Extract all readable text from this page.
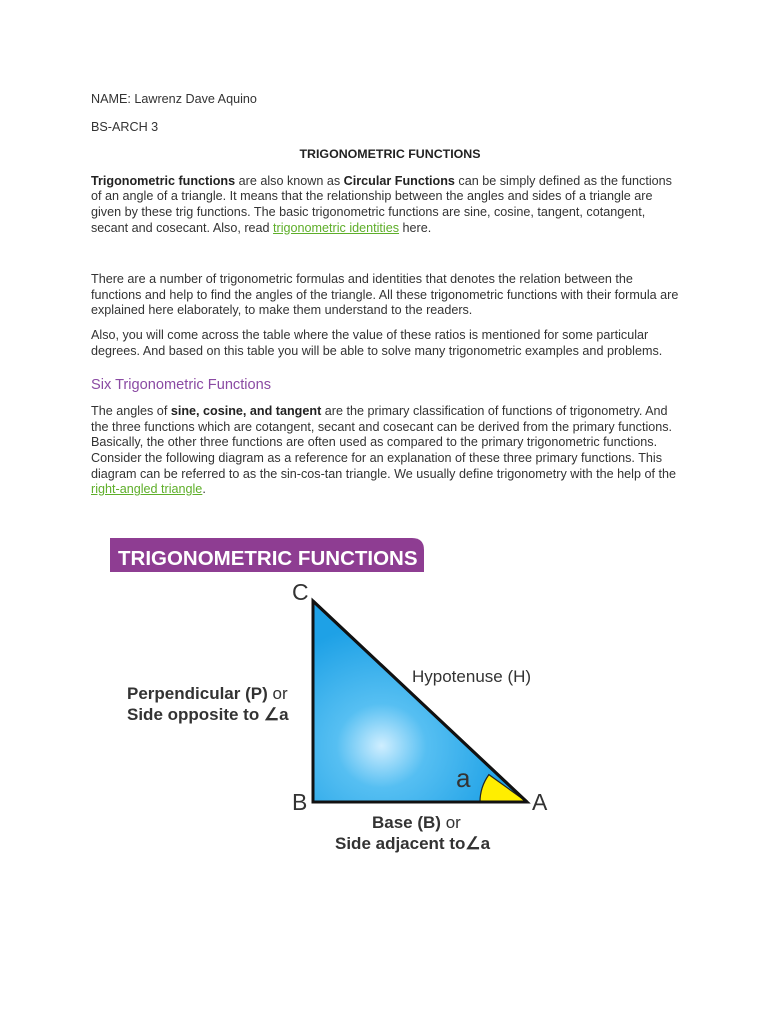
NAME: Lawrenz Dave Aquino

BS-ARCH 3

TRIGONOMETRIC FUNCTIONS

Trigonometric functions are also known as Circular Functions can be simply defined as the functions of an angle of a triangle. It means that the relationship between the angles and sides of a triangle are given by these trig functions. The basic trigonometric functions are sine, cosine, tangent, cotangent, secant and cosecant. Also, read trigonometric identities here.

There are a number of trigonometric formulas and identities that denotes the relation between the functions and help to find the angles of the triangle. All these trigonometric functions with their formula are explained here elaborately, to make them understand to the readers.

Also, you will come across the table where the value of these ratios is mentioned for some particular degrees. And based on this table you will be able to solve many trigonometric examples and problems.

Six Trigonometric Functions

The angles of sine, cosine, and tangent are the primary classification of functions of trigonometry. And the three functions which are cotangent, secant and cosecant can be derived from the primary functions. Basically, the other three functions are often used as compared to the primary trigonometric functions. Consider the following diagram as a reference for an explanation of these three primary functions. This diagram can be referred to as the sin-cos-tan triangle. We usually define trigonometry with the help of the right-angled triangle.

TRIGONOMETRIC FUNCTIONS
C
B	A
a
Hypotenuse (H)
Perpendicular (P) or
Side opposite to ∠a
Base (B) or
Side adjacent to∠a
